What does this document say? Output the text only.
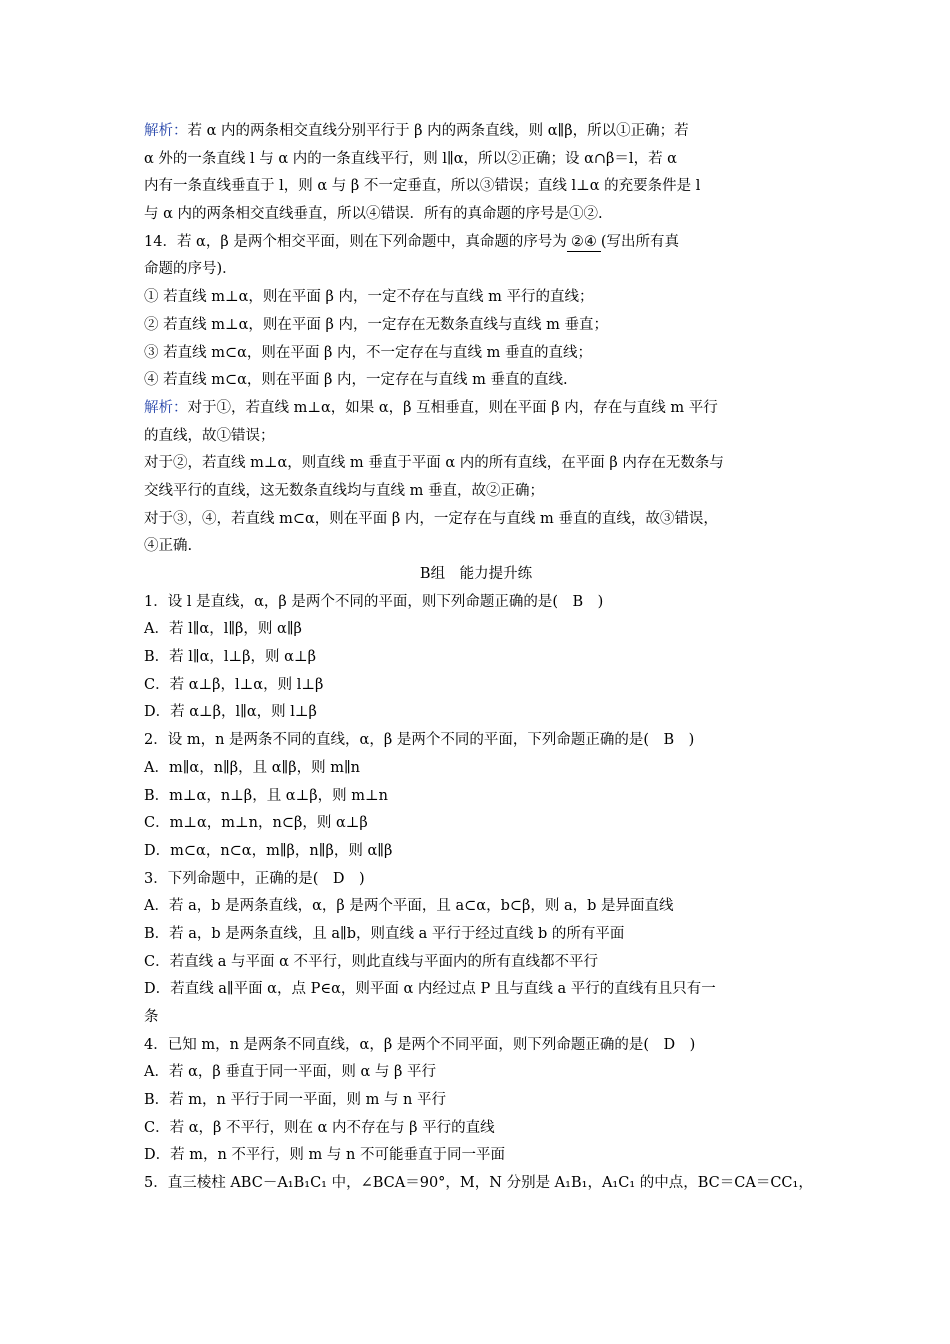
解析：若 α 内的两条相交直线分别平行于 β 内的两条直线，则 α∥β，所以①正确；若
α 外的一条直线 l 与 α 内的一条直线平行，则 l∥α，所以②正确；设 α∩β＝l，若 α
内有一条直线垂直于 l，则 α 与 β 不一定垂直，所以③错误；直线 l⊥α 的充要条件是 l
与 α 内的两条相交直线垂直，所以④错误．所有的真命题的序号是①②.
14．若 α，β 是两个相交平面，则在下列命题中，真命题的序号为 ②④ (写出所有真
命题的序号)．
① 若直线 m⊥α，则在平面 β 内，一定不存在与直线 m 平行的直线；
② 若直线 m⊥α，则在平面 β 内，一定存在无数条直线与直线 m 垂直；
③ 若直线 m⊂α，则在平面 β 内，不一定存在与直线 m 垂直的直线；
④ 若直线 m⊂α，则在平面 β 内，一定存在与直线 m 垂直的直线.
解析：对于①，若直线 m⊥α，如果 α，β 互相垂直，则在平面 β 内，存在与直线 m 平行
的直线，故①错误；
对于②，若直线 m⊥α，则直线 m 垂直于平面 α 内的所有直线，在平面 β 内存在无数条与
交线平行的直线，这无数条直线均与直线 m 垂直，故②正确；
对于③，④，若直线 m⊂α，则在平面 β 内，一定存在与直线 m 垂直的直线，故③错误，
④正确.
B组　能力提升练
1．设 l 是直线，α，β 是两个不同的平面，则下列命题正确的是(　B　)
A．若 l∥α，l∥β，则 α∥β
B．若 l∥α，l⊥β，则 α⊥β
C．若 α⊥β，l⊥α，则 l⊥β
D．若 α⊥β，l∥α，则 l⊥β
2．设 m，n 是两条不同的直线，α，β 是两个不同的平面，下列命题正确的是(　B　)
A．m∥α，n∥β，且 α∥β，则 m∥n
B．m⊥α，n⊥β，且 α⊥β，则 m⊥n
C．m⊥α，m⊥n，n⊂β，则 α⊥β
D．m⊂α，n⊂α，m∥β，n∥β，则 α∥β
3．下列命题中，正确的是(　D　)
A．若 a，b 是两条直线，α，β 是两个平面，且 a⊂α，b⊂β，则 a，b 是异面直线
B．若 a，b 是两条直线，且 a∥b，则直线 a 平行于经过直线 b 的所有平面
C．若直线 a 与平面 α 不平行，则此直线与平面内的所有直线都不平行
D．若直线 a∥平面 α，点 P∈α，则平面 α 内经过点 P 且与直线 a 平行的直线有且只有一
条
4．已知 m，n 是两条不同直线，α，β 是两个不同平面，则下列命题正确的是(　D　)
A．若 α，β 垂直于同一平面，则 α 与 β 平行
B．若 m，n 平行于同一平面，则 m 与 n 平行
C．若 α，β 不平行，则在 α 内不存在与 β 平行的直线
D．若 m，n 不平行，则 m 与 n 不可能垂直于同一平面
5．直三棱柱 ABC－A₁B₁C₁ 中，∠BCA＝90°，M，N 分别是 A₁B₁，A₁C₁ 的中点，BC＝CA＝CC₁，
